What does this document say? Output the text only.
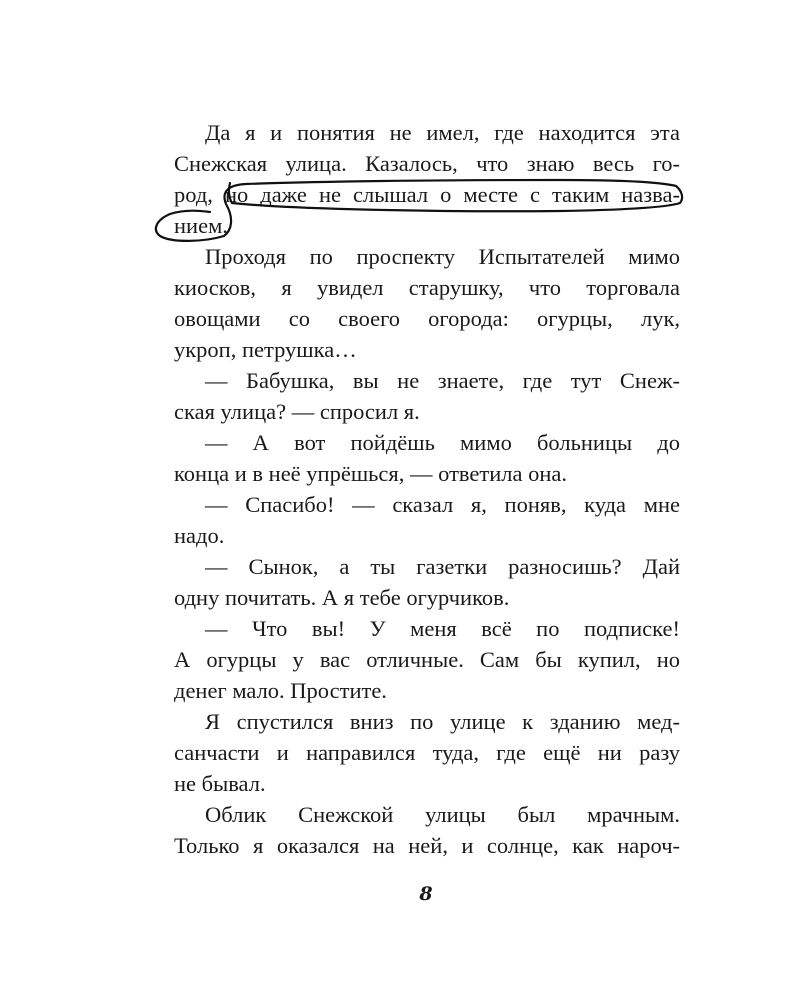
Да я и понятия не имел, где находится эта
Снежская улица. Казалось, что знаю весь го-
род, но даже не слышал о месте с таким назва-
нием.
Проходя по проспекту Испытателей мимо
киосков, я увидел старушку, что торговала
овощами со своего огорода: огурцы, лук,
укроп, петрушка…
— Бабушка, вы не знаете, где тут Снеж-
ская улица? — спросил я.
— А вот пойдёшь мимо больницы до
конца и в неё упрёшься, — ответила она.
— Спасибо! — сказал я, поняв, куда мне
надо.
— Сынок, а ты газетки разносишь? Дай
одну почитать. А я тебе огурчиков.
— Что вы! У меня всё по подписке!
А огурцы у вас отличные. Сам бы купил, но
денег мало. Простите.
Я спустился вниз по улице к зданию мед-
санчасти и направился туда, где ещё ни разу
не бывал.
Облик Снежской улицы был мрачным.
Только я оказался на ней, и солнце, как нароч-
8
